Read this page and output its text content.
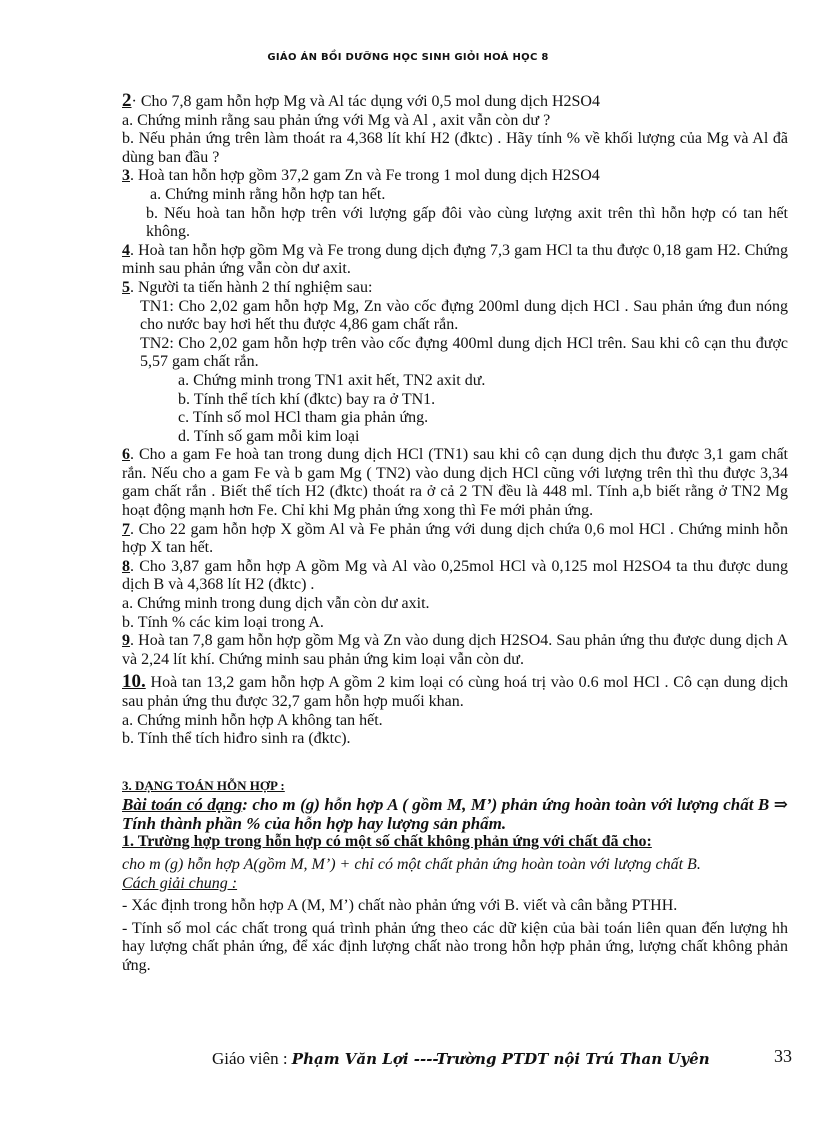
GIÁO ÁN BỒI DƯỠNG HỌC SINH GIỎI HOÁ HỌC 8

2· Cho 7,8 gam hỗn hợp Mg và Al tác dụng với 0,5 mol dung dịch H2SO4

a. Chứng minh rằng sau phản ứng với Mg và Al , axit vẫn còn dư ?

b. Nếu phản ứng trên làm thoát ra 4,368 lít khí H2 (đktc) . Hãy tính % về khối lượng của Mg và Al đã dùng ban đầu ?

3. Hoà tan hỗn hợp gồm 37,2 gam Zn và Fe trong 1 mol dung dịch H2SO4

a. Chứng minh rằng hỗn hợp tan hết.

b. Nếu hoà tan hỗn hợp trên với lượng gấp đôi vào cùng lượng axit trên thì hỗn hợp có tan hết không.

4. Hoà tan hỗn hợp gồm Mg và Fe trong dung dịch đựng 7,3 gam HCl ta thu được 0,18 gam H2. Chứng minh sau phản ứng vẫn còn dư axit.

5. Người ta tiến hành 2 thí nghiệm sau:

TN1: Cho 2,02 gam hỗn hợp Mg, Zn vào cốc đựng 200ml dung dịch HCl . Sau phản ứng đun nóng cho nước bay hơi hết thu được 4,86 gam chất rắn.

TN2: Cho 2,02 gam hỗn hợp trên vào cốc đựng 400ml dung dịch HCl trên. Sau khi cô cạn thu được 5,57 gam chất rắn.

a. Chứng minh trong TN1 axit hết, TN2 axit dư.

b. Tính thể tích khí (đktc) bay ra ở TN1.

c. Tính số mol HCl tham gia phản ứng.

d. Tính số gam mỗi kim loại

6. Cho a gam Fe hoà tan trong dung dịch HCl (TN1) sau khi cô cạn dung dịch thu được 3,1 gam chất rắn. Nếu cho a gam Fe và b gam Mg ( TN2) vào dung dịch HCl cũng với lượng trên thì thu được 3,34 gam chất rắn . Biết thể tích H2 (đktc) thoát ra ở cả 2 TN đều là 448 ml. Tính a,b biết rằng ở TN2 Mg hoạt động mạnh hơn Fe. Chỉ khi Mg phản ứng xong thì Fe mới phản ứng.

7. Cho 22 gam hỗn hợp X gồm Al và Fe phản ứng với dung dịch chứa 0,6 mol HCl . Chứng minh hỗn hợp X tan hết.

8. Cho 3,87 gam hỗn hợp A gồm Mg và Al vào 0,25mol HCl và 0,125 mol H2SO4 ta thu được dung dịch B và 4,368 lít H2 (đktc) .

a. Chứng minh trong dung dịch vẫn còn dư axit.

b. Tính % các kim loại trong A.

9. Hoà tan 7,8 gam hỗn hợp gồm Mg và Zn vào dung dịch H2SO4. Sau phản ứng thu được dung dịch A và 2,24 lít khí. Chứng minh sau phản ứng kim loại vẫn còn dư.

10. Hoà tan 13,2 gam hỗn hợp A gồm 2 kim loại có cùng hoá trị vào 0.6 mol HCl . Cô cạn dung dịch sau phản ứng thu được 32,7 gam hỗn hợp muối khan.

a. Chứng minh hỗn hợp A không tan hết.

b. Tính thể tích hiđro sinh ra (đktc).

3. DẠNG TOÁN HỖN HỢP :

Bài toán có dạng: cho m (g) hỗn hợp A ( gồm M, M’) phản ứng hoàn toàn với lượng chất B ⇒ Tính thành phần % của hỗn hợp hay lượng sản phẩm.

1. Trường hợp trong hỗn hợp có một số chất không phản ứng với chất đã cho:

cho m (g) hỗn hợp A(gồm M, M’) + chỉ có một chất phản ứng hoàn toàn với lượng chất B.

Cách giải chung :

- Xác định trong hỗn hợp A (M, M’) chất nào phản ứng với B. viết và cân bằng PTHH.

- Tính số mol các chất trong quá trình phản ứng theo các dữ kiện của bài toán liên quan đến lượng hh hay lượng chất phản ứng, để xác định lượng chất nào trong hỗn hợp phản ứng, lượng chất không phản ứng.

Giáo viên : Phạm Văn Lợi ----Trường PTDT nội Trú Than Uyên	33
